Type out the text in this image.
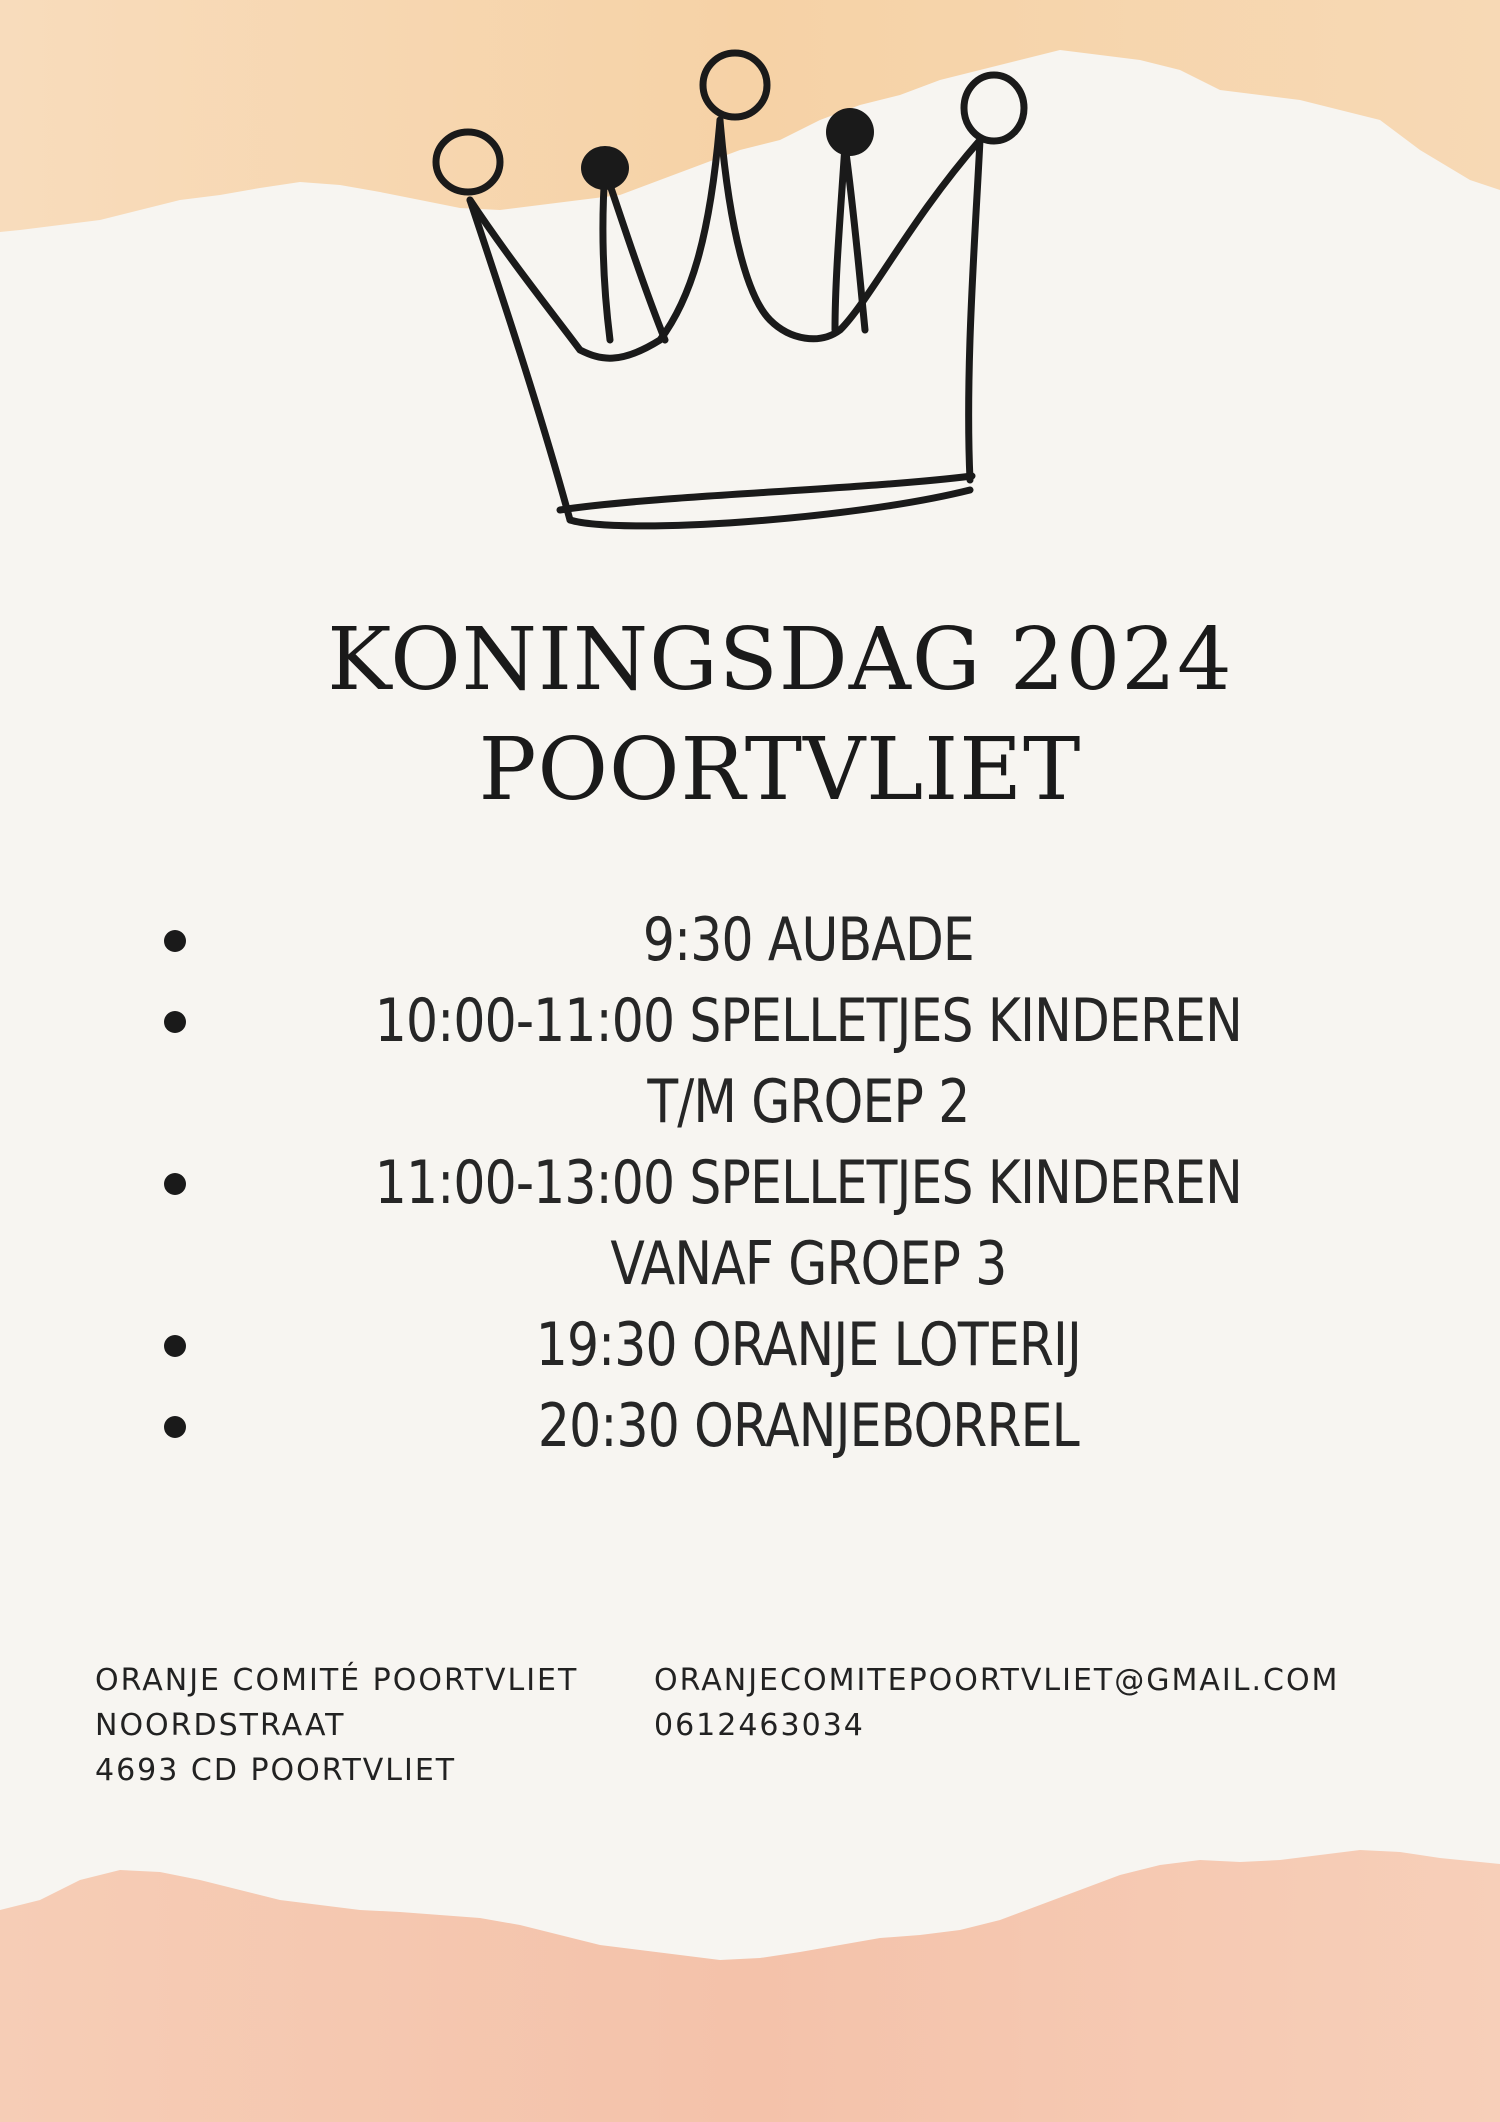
KONINGSDAG 2024
POORTVLIET
9:30 AUBADE
10:00-11:00 SPELLETJES KINDEREN T/M GROEP 2
11:00-13:00 SPELLETJES KINDEREN VANAF GROEP 3
19:30 ORANJE LOTERIJ
20:30 ORANJEBORREL
ORANJE COMITÉ POORTVLIET
NOORDSTRAAT
4693 CD POORTVLIET
ORANJECOMITEPOORTVLIET@GMAIL.COM
0612463034
